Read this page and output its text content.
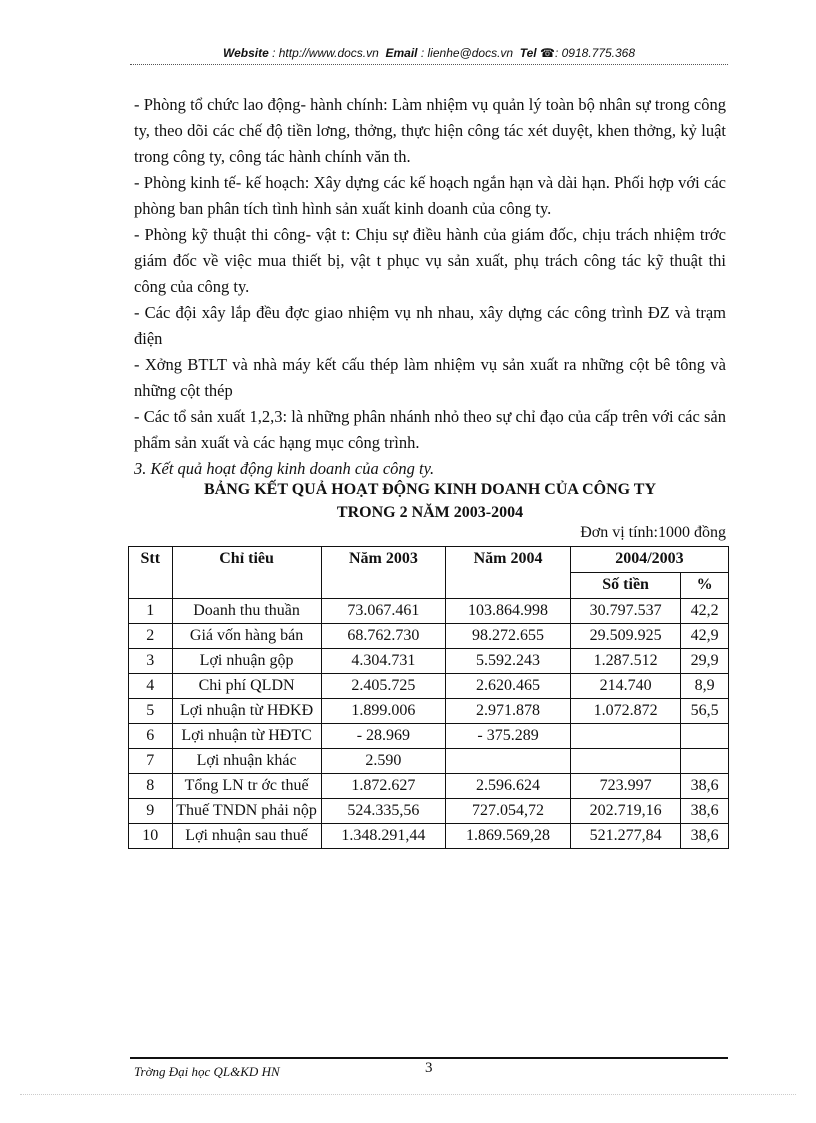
Website : http://www.docs.vn Email : lienhe@docs.vn Tel ☎: 0918.775.368

- Phòng tổ chức lao động- hành chính: Làm nhiệm vụ quản lý toàn bộ nhân sự trong công ty, theo dõi các chế độ tiền lơng, thởng, thực hiện công tác xét duyệt, khen thởng, kỷ luật trong công ty, công tác hành chính văn th.

- Phòng kinh tế- kế hoạch: Xây dựng các kế hoạch ngắn hạn và dài hạn. Phối hợp với các phòng ban phân tích tình hình sản xuất kinh doanh của công ty.

- Phòng kỹ thuật thi công- vật t: Chịu sự điều hành của giám đốc, chịu trách nhiệm trớc giám đốc về việc mua thiết bị, vật t phục vụ sản xuất, phụ trách công tác kỹ thuật thi công của công ty.

- Các đội xây lắp đều đợc giao nhiệm vụ nh nhau, xây dựng các công trình ĐZ và trạm điện

- Xởng BTLT và nhà máy kết cấu thép làm nhiệm vụ sản xuất ra những cột bê tông và những cột thép

- Các tổ sản xuất 1,2,3: là những phân nhánh nhỏ theo sự chỉ đạo của cấp trên với các sản phẩm sản xuất và các hạng mục công trình.

3. Kết quả hoạt động kinh doanh của công ty.

BẢNG KẾT QUẢ HOẠT ĐỘNG KINH DOANH CỦA CÔNG TY
TRONG 2 NĂM 2003-2004
Đơn vị tính:1000 đồng
Stt	Chỉ tiêu	Năm 2003	Năm 2004	2004/2003	
				Số tiền	%
1	Doanh thu thuần	73.067.461	103.864.998	30.797.537	42,2
2	Giá vốn hàng bán	68.762.730	98.272.655	29.509.925	42,9
3	Lợi nhuận gộp	4.304.731	5.592.243	1.287.512	29,9
4	Chi phí QLDN	2.405.725	2.620.465	214.740	8,9
5	Lợi nhuận từ HĐKĐ	1.899.006	2.971.878	1.072.872	56,5
6	Lợi nhuận từ HĐTC	- 28.969	- 375.289		
7	Lợi nhuận khác	2.590			
8	Tổng LN tr ớc thuế	1.872.627	2.596.624	723.997	38,6
9	Thuế TNDN phải nộp	524.335,56	727.054,72	202.719,16	38,6
10	Lợi nhuận sau thuế	1.348.291,44	1.869.569,28	521.277,84	38,6
Trờng Đại học QL&KD HN	3
